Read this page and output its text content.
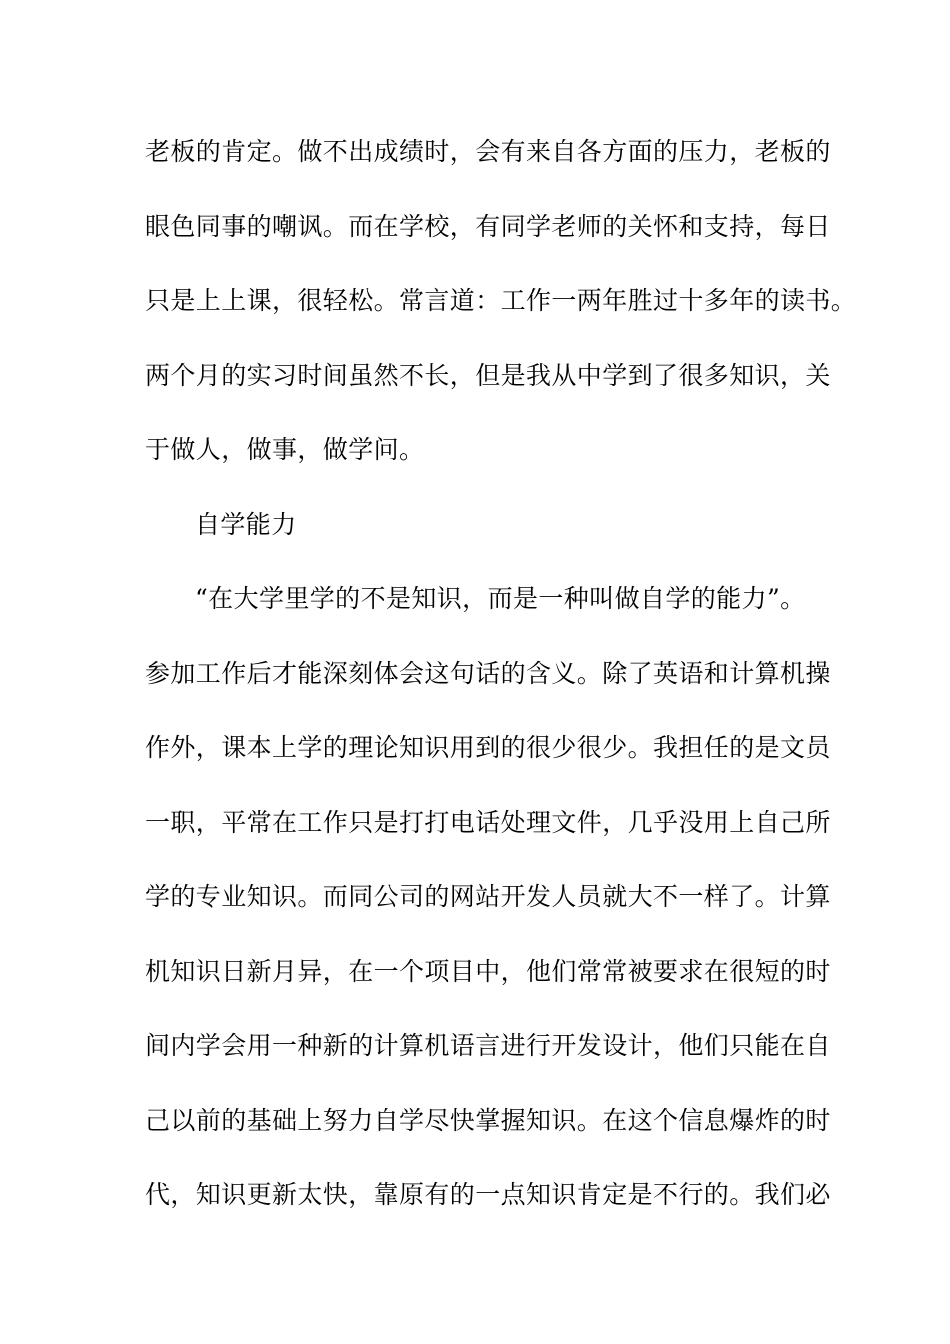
老板的肯定。做不出成绩时，会有来自各方面的压力，老板的
眼色同事的嘲讽。而在学校，有同学老师的关怀和支持，每日
只是上上课，很轻松。常言道：工作一两年胜过十多年的读书。
两个月的实习时间虽然不长，但是我从中学到了很多知识，关
于做人，做事，做学问。
自学能力
“在大学里学的不是知识，而是一种叫做自学的能力”。
参加工作后才能深刻体会这句话的含义。除了英语和计算机操
作外，课本上学的理论知识用到的很少很少。我担任的是文员
一职，平常在工作只是打打电话处理文件，几乎没用上自己所
学的专业知识。而同公司的网站开发人员就大不一样了。计算
机知识日新月异，在一个项目中，他们常常被要求在很短的时
间内学会用一种新的计算机语言进行开发设计，他们只能在自
己以前的基础上努力自学尽快掌握知识。在这个信息爆炸的时
代，知识更新太快，靠原有的一点知识肯定是不行的。我们必
